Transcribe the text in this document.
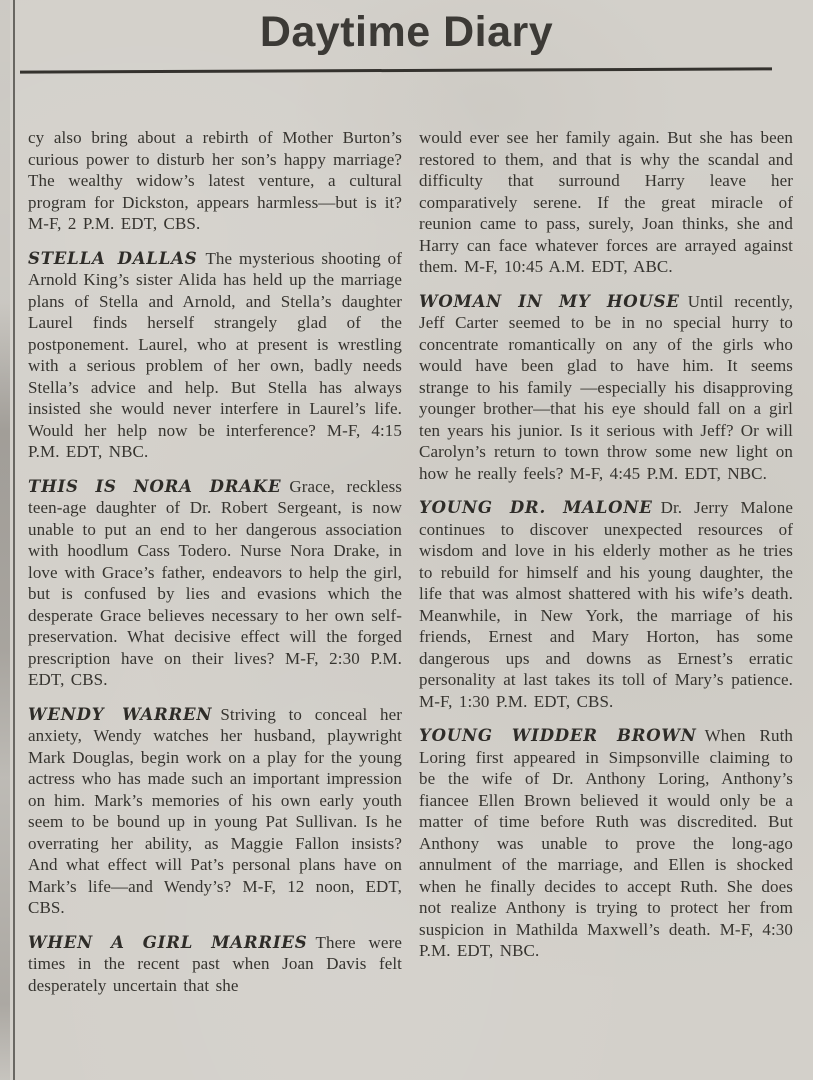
Daytime Diary

cy also bring about a rebirth of Mother Burton’s curious power to disturb her son’s happy marriage? The wealthy widow’s latest venture, a cultural program for Dickston, appears harmless—but is it? M-F, 2 P.M. EDT, CBS.

STELLA DALLAS The mysterious shooting of Arnold King’s sister Alida has held up the marriage plans of Stella and Arnold, and Stella’s daughter Laurel finds herself strangely glad of the postponement. Laurel, who at present is wrestling with a serious problem of her own, badly needs Stella’s advice and help. But Stella has always insisted she would never interfere in Laurel’s life. Would her help now be interference? M-F, 4:15 P.M. EDT, NBC.

THIS IS NORA DRAKE Grace, reckless teen-age daughter of Dr. Robert Sergeant, is now unable to put an end to her dangerous association with hoodlum Cass Todero. Nurse Nora Drake, in love with Grace’s father, endeavors to help the girl, but is confused by lies and evasions which the desperate Grace believes necessary to her own self-preservation. What decisive effect will the forged prescription have on their lives? M-F, 2:30 P.M. EDT, CBS.

WENDY WARREN Striving to conceal her anxiety, Wendy watches her husband, playwright Mark Douglas, begin work on a play for the young actress who has made such an important impression on him. Mark’s memories of his own early youth seem to be bound up in young Pat Sullivan. Is he overrating her ability, as Maggie Fallon insists? And what effect will Pat’s personal plans have on Mark’s life—and Wendy’s? M-F, 12 noon, EDT, CBS.

WHEN A GIRL MARRIES There were times in the recent past when Joan Davis felt desperately uncertain that she

would ever see her family again. But she has been restored to them, and that is why the scandal and difficulty that surround Harry leave her comparatively serene. If the great miracle of reunion came to pass, surely, Joan thinks, she and Harry can face whatever forces are arrayed against them. M-F, 10:45 A.M. EDT, ABC.

WOMAN IN MY HOUSE Until recently, Jeff Carter seemed to be in no special hurry to concentrate romantically on any of the girls who would have been glad to have him. It seems strange to his family —especially his disapproving younger brother—that his eye should fall on a girl ten years his junior. Is it serious with Jeff? Or will Carolyn’s return to town throw some new light on how he really feels? M-F, 4:45 P.M. EDT, NBC.

YOUNG DR. MALONE Dr. Jerry Malone continues to discover unexpected resources of wisdom and love in his elderly mother as he tries to rebuild for himself and his young daughter, the life that was almost shattered with his wife’s death. Meanwhile, in New York, the marriage of his friends, Ernest and Mary Horton, has some dangerous ups and downs as Ernest’s erratic personality at last takes its toll of Mary’s patience. M-F, 1:30 P.M. EDT, CBS.

YOUNG WIDDER BROWN When Ruth Loring first appeared in Simpsonville claiming to be the wife of Dr. Anthony Loring, Anthony’s fiancee Ellen Brown believed it would only be a matter of time before Ruth was discredited. But Anthony was unable to prove the long-ago annulment of the marriage, and Ellen is shocked when he finally decides to accept Ruth. She does not realize Anthony is trying to protect her from suspicion in Mathilda Maxwell’s death. M-F, 4:30 P.M. EDT, NBC.
